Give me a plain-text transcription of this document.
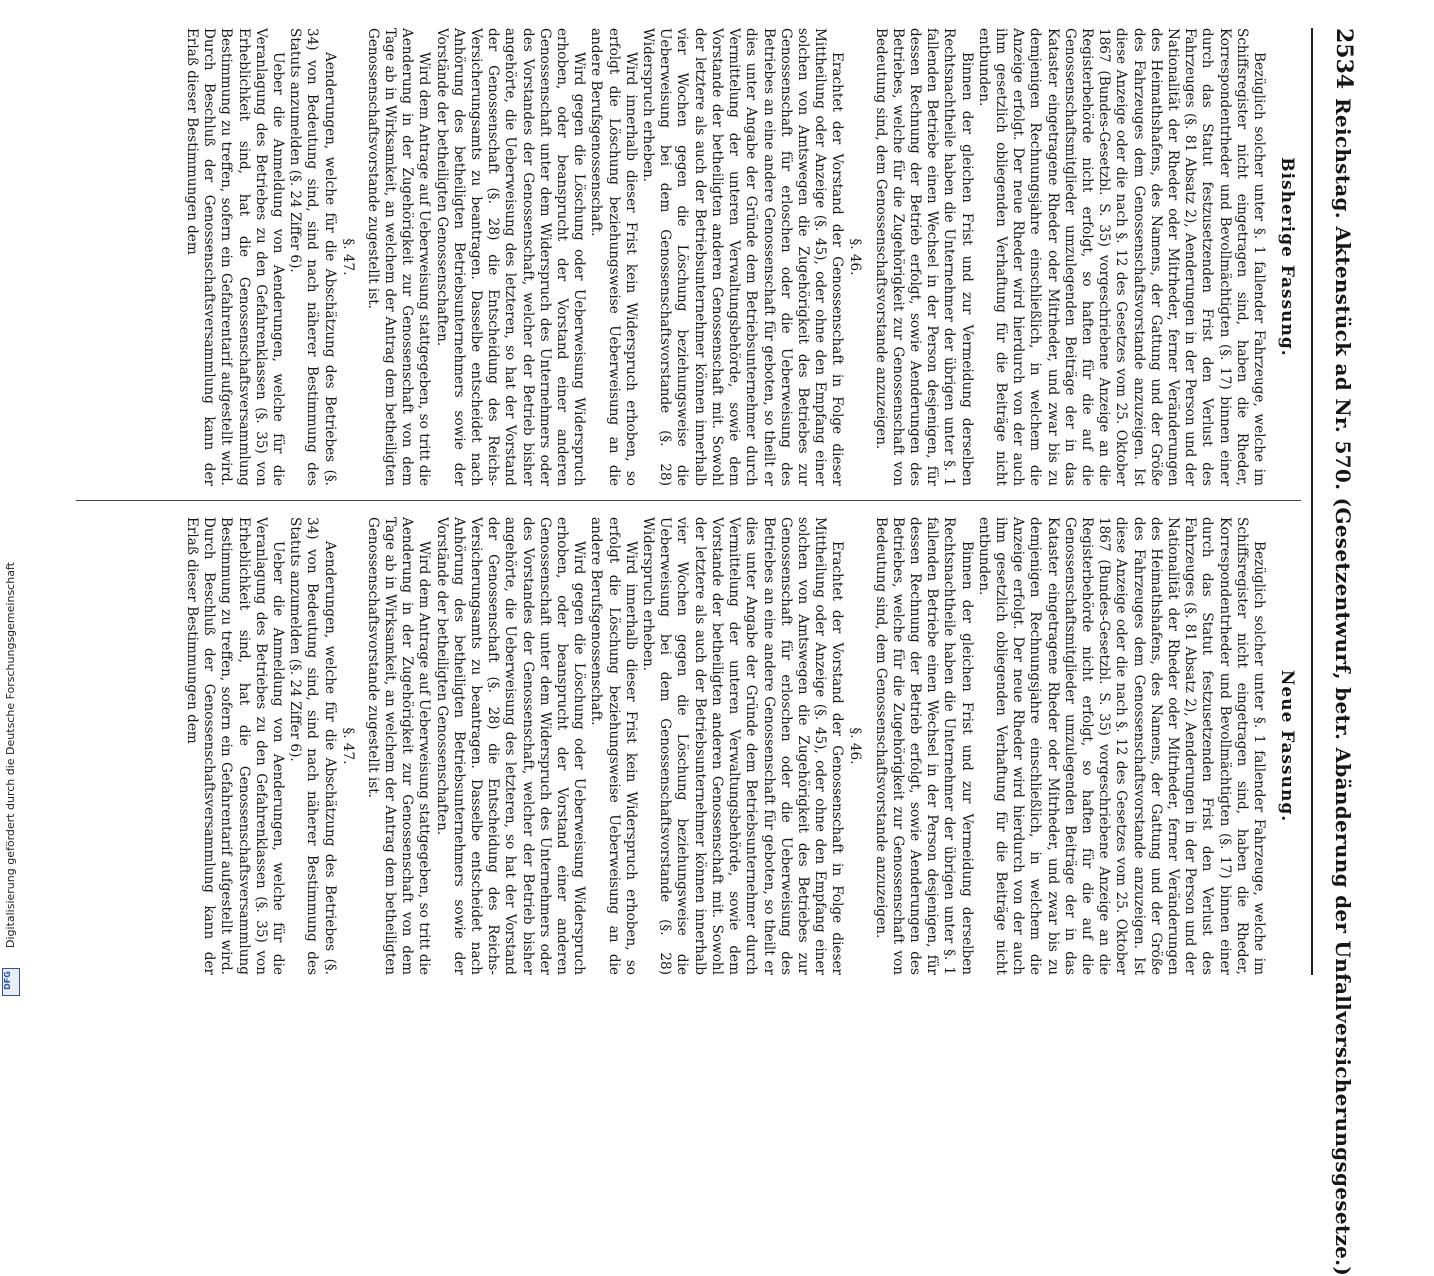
2534
Reichstag. Aktenstück ad Nr. 570. (Gesetzentwurf, betr. Abänderung der Unfallversicherungsgesetze.)
Bisherige Fassung.

Bezüglich solcher unter §. 1 fallender Fahrzeuge, welche im Schiffsregister nicht eingetragen sind, haben die Rheder, Korrespondentrheder und Bevollmächtigten (§. 17) binnen einer durch das Statut festzusetzenden Frist den Verlust des Fahrzeuges (§. 81 Absatz 2), Aenderungen in der Person und der Nationalität der Rheder oder Mitrheder, ferner Veränderungen des Heimathshafens, des Namens, der Gattung und der Größe des Fahrzeuges dem Genossenschaftsvorstande anzuzeigen. Ist diese Anzeige oder die nach §. 12 des Gesetzes vom 25. Oktober 1867 (Bundes-Gesetzbl. S. 35) vorgeschriebene Anzeige an die Registerbehörde nicht erfolgt, so haften für die auf die Genossenschaftsmitglieder umzulegenden Beiträge der in das Kataster eingetragene Rheder oder Mitrheder, und zwar bis zu demjenigen Rechnungsjahre einschließlich, in welchem die Anzeige erfolgt. Der neue Rheder wird hierdurch von der auch ihm gesetzlich obliegenden Verhaftung für die Beiträge nicht entbunden.

Binnen der gleichen Frist und zur Vermeidung derselben Rechtsnachtheile haben die Unternehmer der übrigen unter §. 1 fallenden Betriebe einen Wechsel in der Person desjenigen, für dessen Rechnung der Betrieb erfolgt, sowie Aenderungen des Betriebes, welche für die Zugehörigkeit zur Genossenschaft von Bedeutung sind, dem Genossenschaftsvorstande anzuzeigen.

§. 46.

Erachtet der Vorstand der Genossenschaft in Folge dieser Mittheilung oder Anzeige (§. 45), oder ohne den Empfang einer solchen von Amtswegen die Zugehörigkeit des Betriebes zur Genossenschaft für erloschen oder die Ueberweisung des Betriebes an eine andere Genossenschaft für geboten, so theilt er dies unter Angabe der Gründe dem Betriebsunternehmer durch Vermittelung der unteren Verwaltungsbehörde, sowie dem Vorstande der betheiligten anderen Genossenschaft mit. Sowohl der letztere als auch der Betriebsunternehmer können innerhalb vier Wochen gegen die Löschung beziehungsweise die Ueberweisung bei dem Genossenschaftsvorstande (§. 28) Widerspruch erheben.

Wird innerhalb dieser Frist kein Widerspruch erhoben, so erfolgt die Löschung beziehungsweise Ueberweisung an die andere Berufsgenossenschaft.

Wird gegen die Löschung oder Ueberweisung Widerspruch erhoben, oder beansprucht der Vorstand einer anderen Genossenschaft unter dem Widerspruch des Unternehmers oder des Vorstandes der Genossenschaft, welcher der Betrieb bisher angehörte, die Ueberweisung des letzteren, so hat der Vorstand der Genossenschaft (§. 28) die Entscheidung des Reichs-Versicherungsamts zu beantragen. Dasselbe entscheidet nach Anhörung des betheiligten Betriebsunternehmers sowie der Vorstände der betheiligten Genossenschaften.

Wird dem Antrage auf Ueberweisung stattgegeben, so tritt die Aenderung in der Zugehörigkeit zur Genossenschaft von dem Tage ab in Wirksamkeit, an welchem der Antrag dem betheiligten Genossenschaftsvorstande zugestellt ist.

§. 47.

Aenderungen, welche für die Abschätzung des Betriebes (§. 34) von Bedeutung sind, sind nach näherer Bestimmung des Statuts anzumelden (§. 24 Ziffer 6).

Ueber die Anmeldung von Aenderungen, welche für die Veranlagung des Betriebes zu den Gefahrenklassen (§. 35) von Erheblichkeit sind, hat die Genossenschaftsversammlung Bestimmung zu treffen, sofern ein Gefahrentarif aufgestellt wird. Durch Beschluß der Genossenschaftsversammlung kann der Erlaß dieser Bestimmungen dem

Neue Fassung.

Bezüglich solcher unter §. 1 fallender Fahrzeuge, welche im Schiffsregister nicht eingetragen sind, haben die Rheder, Korrespondentrheder und Bevollmächtigten (§. 17) binnen einer durch das Statut festzusetzenden Frist den Verlust des Fahrzeuges (§. 81 Absatz 2), Aenderungen in der Person und der Nationalität der Rheder oder Mitrheder, ferner Veränderungen des Heimathshafens, des Namens, der Gattung und der Größe des Fahrzeuges dem Genossenschaftsvorstande anzuzeigen. Ist diese Anzeige oder die nach §. 12 des Gesetzes vom 25. Oktober 1867 (Bundes-Gesetzbl. S. 35) vorgeschriebene Anzeige an die Registerbehörde nicht erfolgt, so haften für die auf die Genossenschaftsmitglieder umzulegenden Beiträge der in das Kataster eingetragene Rheder oder Mitrheder, und zwar bis zu demjenigen Rechnungsjahre einschließlich, in welchem die Anzeige erfolgt. Der neue Rheder wird hierdurch von der auch ihm gesetzlich obliegenden Verhaftung für die Beiträge nicht entbunden.

Binnen der gleichen Frist und zur Vermeidung derselben Rechtsnachtheile haben die Unternehmer der übrigen unter §. 1 fallenden Betriebe einen Wechsel in der Person desjenigen, für dessen Rechnung der Betrieb erfolgt, sowie Aenderungen des Betriebes, welche für die Zugehörigkeit zur Genossenschaft von Bedeutung sind, dem Genossenschaftsvorstande anzuzeigen.

§. 46.

Erachtet der Vorstand der Genossenschaft in Folge dieser Mittheilung oder Anzeige (§. 45), oder ohne den Empfang einer solchen von Amtswegen die Zugehörigkeit des Betriebes zur Genossenschaft für erloschen oder die Ueberweisung des Betriebes an eine andere Genossenschaft für geboten, so theilt er dies unter Angabe der Gründe dem Betriebsunternehmer durch Vermittelung der unteren Verwaltungsbehörde, sowie dem Vorstande der betheiligten anderen Genossenschaft mit. Sowohl der letztere als auch der Betriebsunternehmer können innerhalb vier Wochen gegen die Löschung beziehungsweise die Ueberweisung bei dem Genossenschaftsvorstande (§. 28) Widerspruch erheben.

Wird innerhalb dieser Frist kein Widerspruch erhoben, so erfolgt die Löschung beziehungsweise Ueberweisung an die andere Berufsgenossenschaft.

Wird gegen die Löschung oder Ueberweisung Widerspruch erhoben, oder beansprucht der Vorstand einer anderen Genossenschaft unter dem Widerspruch des Unternehmers oder des Vorstandes der Genossenschaft, welcher der Betrieb bisher angehörte, die Ueberweisung des letzteren, so hat der Vorstand der Genossenschaft (§. 28) die Entscheidung des Reichs-Versicherungsamts zu beantragen. Dasselbe entscheidet nach Anhörung des betheiligten Betriebsunternehmers sowie der Vorstände der betheiligten Genossenschaften.

Wird dem Antrage auf Ueberweisung stattgegeben, so tritt die Aenderung in der Zugehörigkeit zur Genossenschaft von dem Tage ab in Wirksamkeit, an welchem der Antrag dem betheiligten Genossenschaftsvorstande zugestellt ist.

§. 47.

Aenderungen, welche für die Abschätzung des Betriebes (§. 34) von Bedeutung sind, sind nach näherer Bestimmung des Statuts anzumelden (§. 24 Ziffer 6).

Ueber die Anmeldung von Aenderungen, welche für die Veranlagung des Betriebes zu den Gefahrenklassen (§. 35) von Erheblichkeit sind, hat die Genossenschaftsversammlung Bestimmung zu treffen, sofern ein Gefahrentarif aufgestellt wird. Durch Beschluß der Genossenschaftsversammlung kann der Erlaß dieser Bestimmungen dem

Digitalisierung gefördert durch die Deutsche Forschungsgemeinschaft
DFG
